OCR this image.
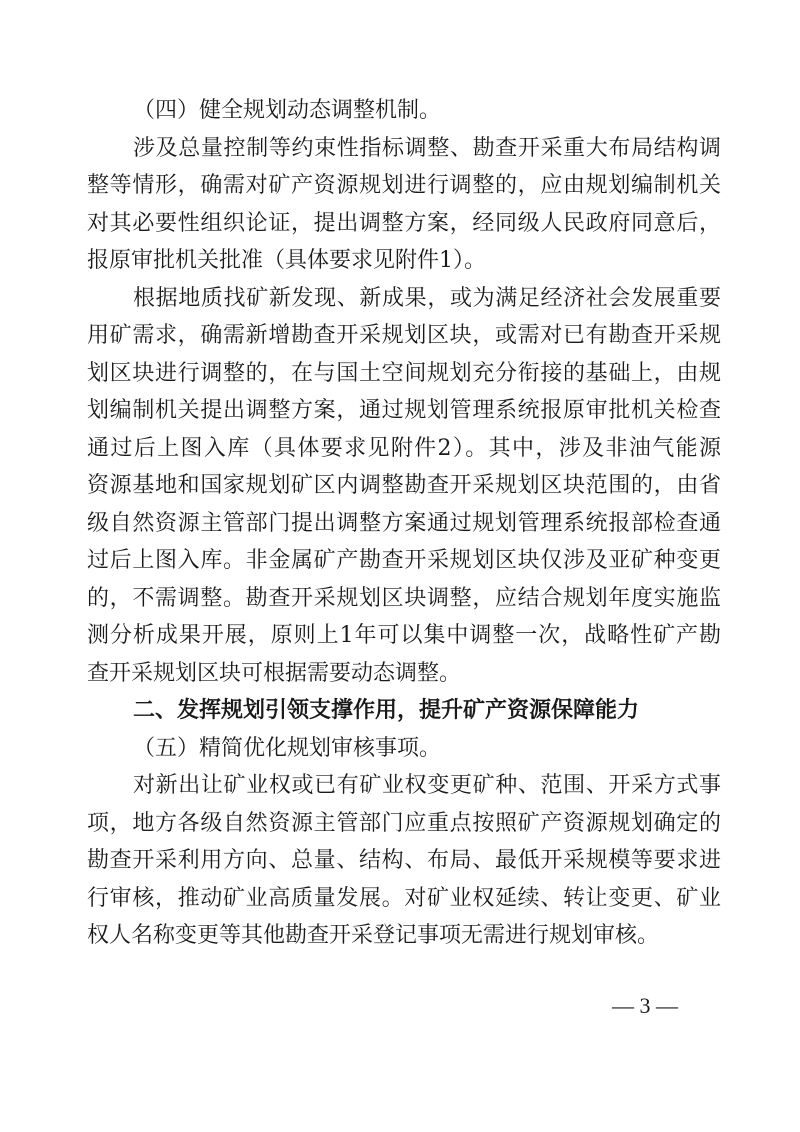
（四）健全规划动态调整机制。
涉及总量控制等约束性指标调整、勘查开采重大布局结构调
整等情形，确需对矿产资源规划进行调整的，应由规划编制机关
对其必要性组织论证，提出调整方案，经同级人民政府同意后，
报原审批机关批准（具体要求见附件1）。
根据地质找矿新发现、新成果，或为满足经济社会发展重要
用矿需求，确需新增勘查开采规划区块，或需对已有勘查开采规
划区块进行调整的，在与国土空间规划充分衔接的基础上，由规
划编制机关提出调整方案，通过规划管理系统报原审批机关检查
通过后上图入库（具体要求见附件2）。其中，涉及非油气能源
资源基地和国家规划矿区内调整勘查开采规划区块范围的，由省
级自然资源主管部门提出调整方案通过规划管理系统报部检查通
过后上图入库。非金属矿产勘查开采规划区块仅涉及亚矿种变更
的，不需调整。勘查开采规划区块调整，应结合规划年度实施监
测分析成果开展，原则上1年可以集中调整一次，战略性矿产勘
查开采规划区块可根据需要动态调整。
二、发挥规划引领支撑作用，提升矿产资源保障能力
（五）精简优化规划审核事项。
对新出让矿业权或已有矿业权变更矿种、范围、开采方式事
项，地方各级自然资源主管部门应重点按照矿产资源规划确定的
勘查开采利用方向、总量、结构、布局、最低开采规模等要求进
行审核，推动矿业高质量发展。对矿业权延续、转让变更、矿业
权人名称变更等其他勘查开采登记事项无需进行规划审核。
— 3 —
